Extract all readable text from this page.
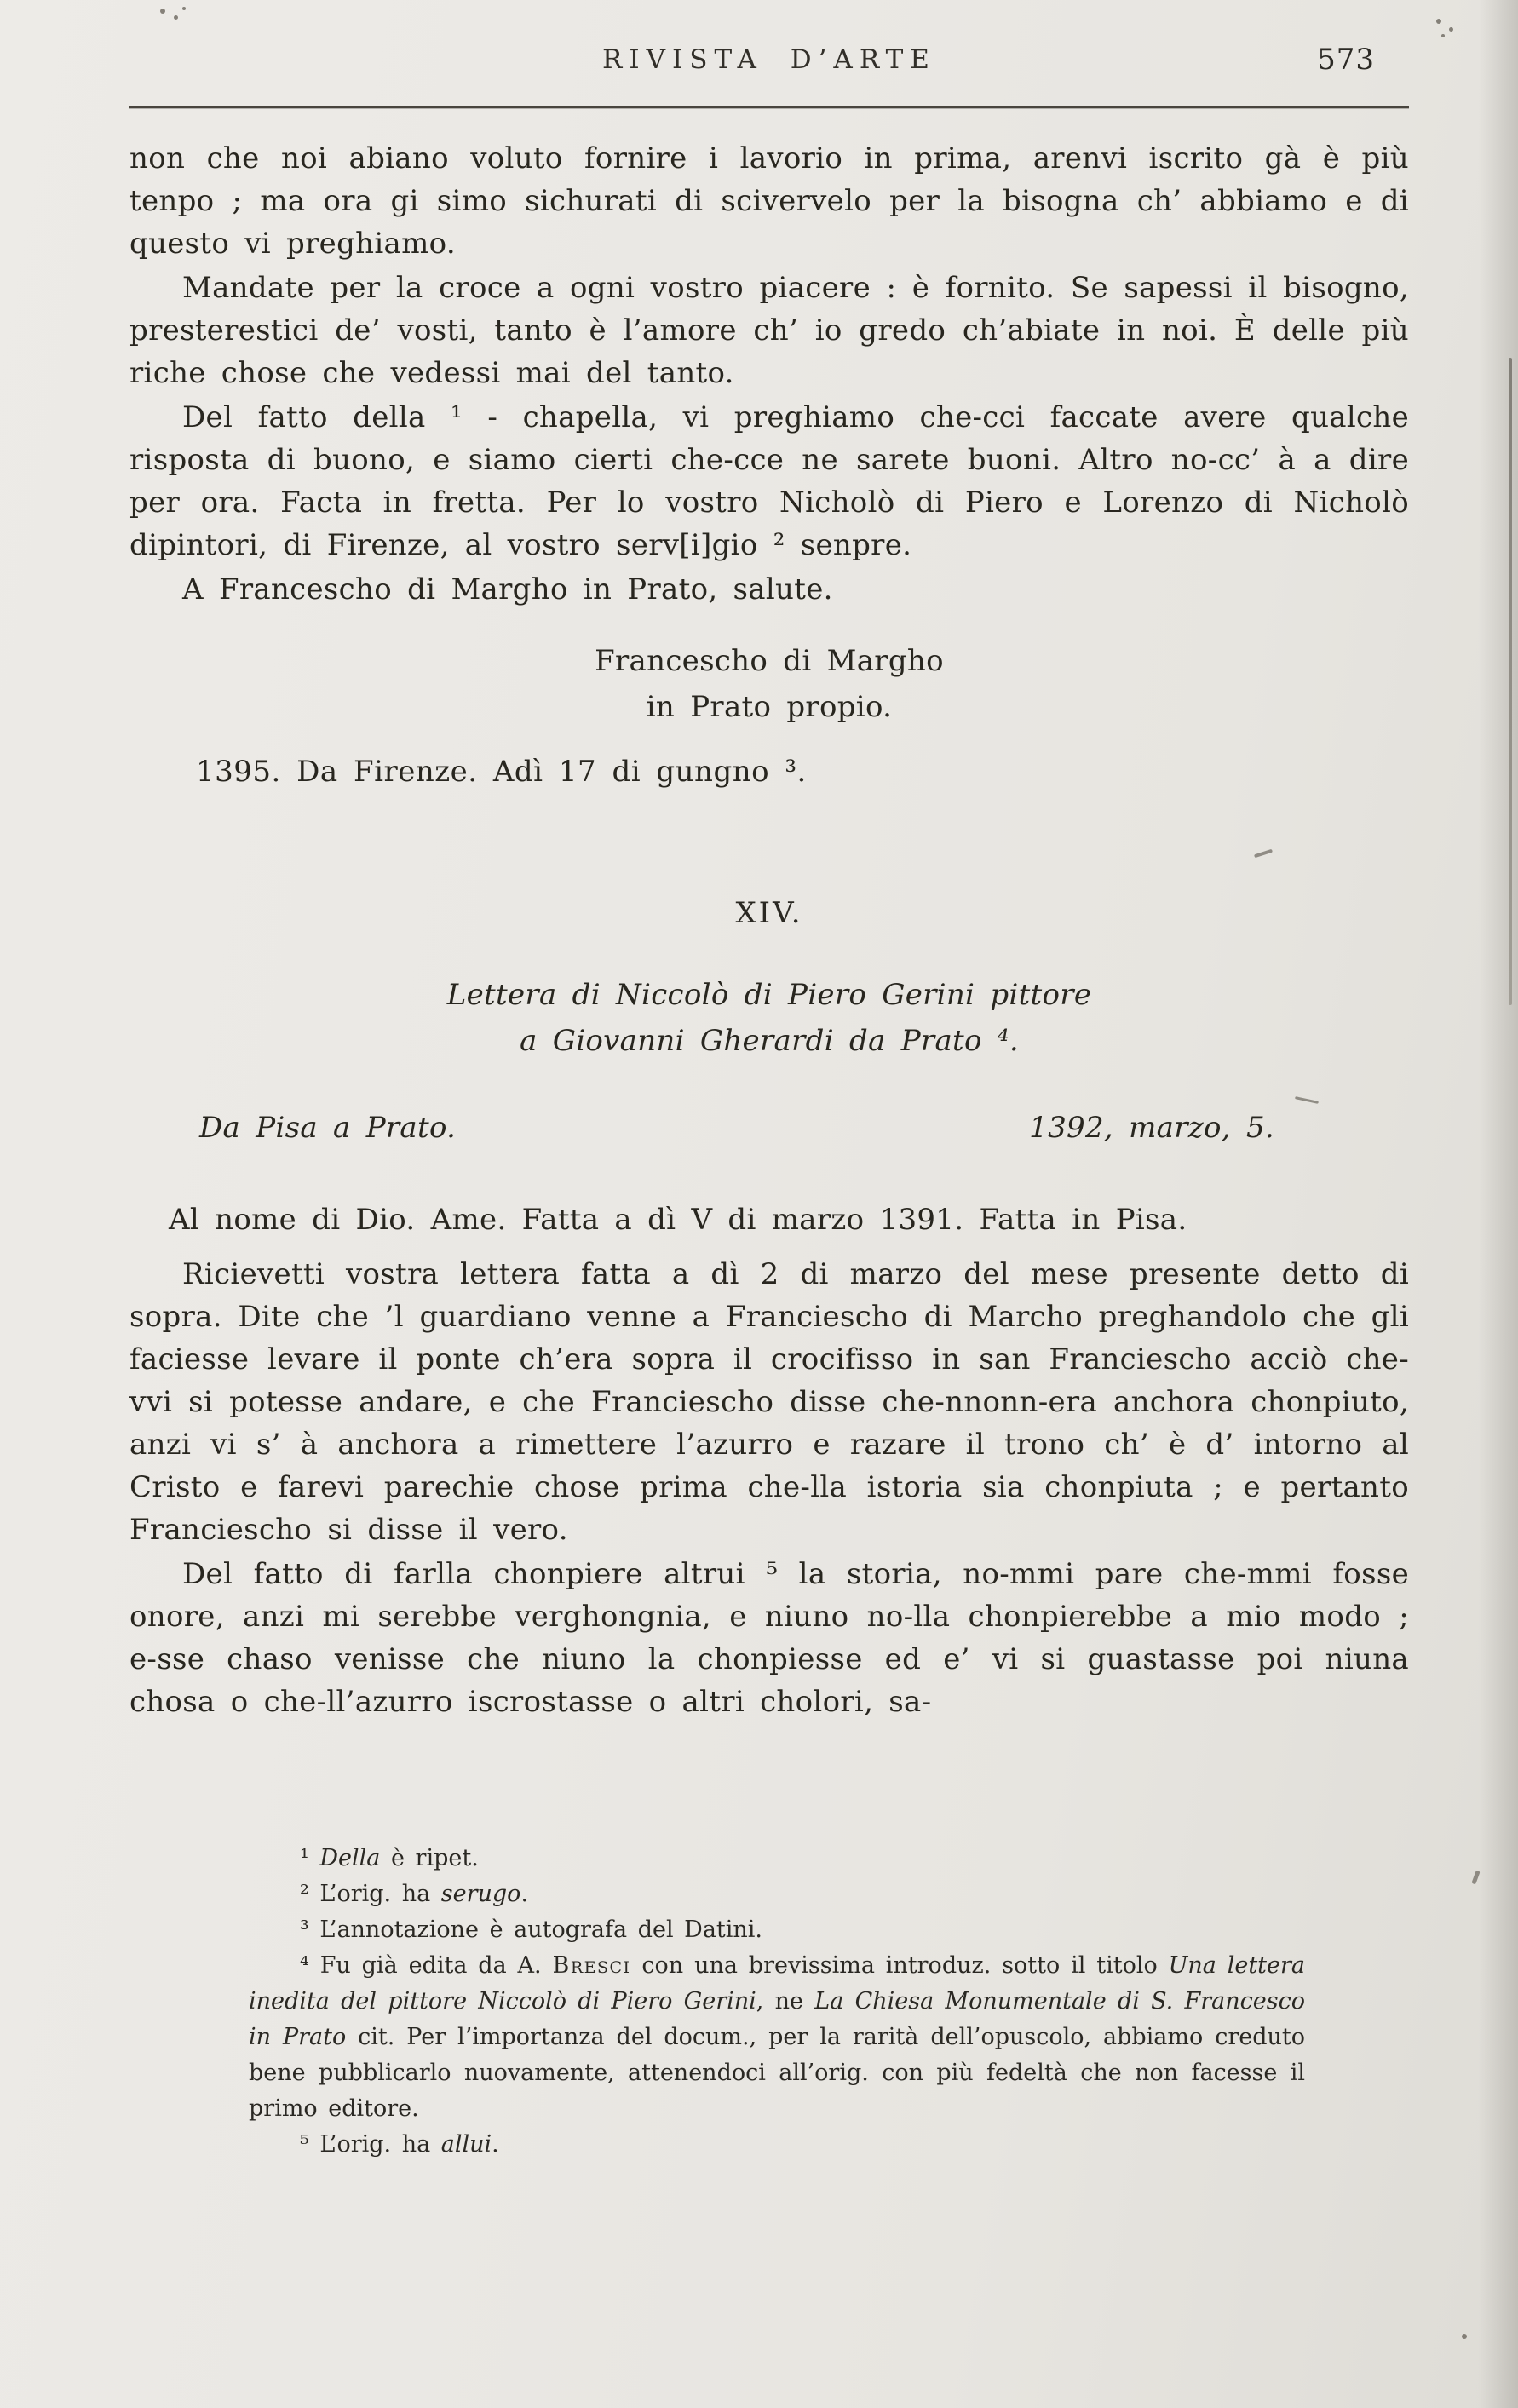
RIVISTA D’ARTE	573

non che noi abiano voluto fornire i lavorio in prima, arenvi iscrito gà è più tenpo ; ma ora gi simo sichurati di scivervelo per la bisogna ch’ abbiamo e di questo vi preghiamo.

Mandate per la croce a ogni vostro piacere : è fornito. Se sapessi il bisogno, presterestici de’ vosti, tanto è l’amore ch’ io gredo ch’abiate in noi. È delle più riche chose che vedessi mai del tanto.

Del fatto della ¹ - chapella, vi preghiamo che-cci faccate avere qualche risposta di buono, e siamo cierti che-cce ne sarete buoni. Altro no-cc’ à a dire per ora. Facta in fretta. Per lo vostro Nicholò di Piero e Lorenzo di Nicholò dipintori, di Firenze, al vostro serv[i]gio ² senpre.

A Francescho di Margho in Prato, salute.

Francescho di Margho
in Prato propio.

1395. Da Firenze. Adì 17 di gungno ³.

XIV.
Lettera di Niccolò di Piero Gerini pittore
a Giovanni Gherardi da Prato ⁴.
Da Pisa a Prato.	1392, marzo, 5.

Al nome di Dio. Ame. Fatta a dì V di marzo 1391. Fatta in Pisa.

Ricievetti vostra lettera fatta a dì 2 di marzo del mese presente detto di sopra. Dite che ’l guardiano venne a Franciescho di Marcho preghandolo che gli faciesse levare il ponte ch’era sopra il crocifisso in san Franciescho acciò che-vvi si potesse andare, e che Franciescho disse che-nnonn-era anchora chonpiuto, anzi vi s’ à anchora a rimettere l’azurro e razare il trono ch’ è d’ intorno al Cristo e farevi parechie chose prima che-lla istoria sia chonpiuta ; e pertanto Franciescho si disse il vero.

Del fatto di farlla chonpiere altrui ⁵ la storia, no-mmi pare che-mmi fosse onore, anzi mi serebbe verghongnia, e niuno no-lla chonpierebbe a mio modo ; e-sse chaso venisse che niuno la chonpiesse ed e’ vi si guastasse poi niuna chosa o che-ll’azurro iscrostasse o altri cholori, sa-

¹ Della è ripet.

² L’orig. ha serugo.

³ L’annotazione è autografa del Datini.

⁴ Fu già edita da A. Bresci con una brevissima introduz. sotto il titolo Una lettera inedita del pittore Niccolò di Piero Gerini, ne La Chiesa Monumentale di S. Francesco in Prato cit. Per l’importanza del docum., per la rarità dell’opuscolo, abbiamo creduto bene pubblicarlo nuovamente, attenendoci all’orig. con più fedeltà che non facesse il primo editore.

⁵ L’orig. ha allui.
